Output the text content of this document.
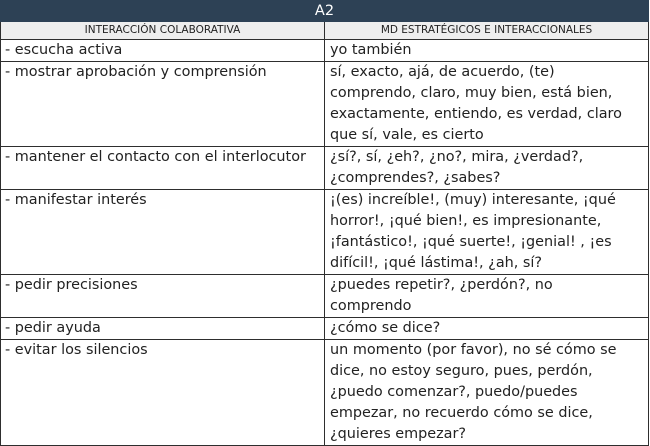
A2	
INTERACCIÓN COLABORATIVA	MD ESTRATÉGICOS E INTERACCIONALES
- escucha activa	yo también

- mostrar aprobación y comprensión	sí, exacto, ajá, de acuerdo, (te)
comprendo, claro, muy bien, está bien,
exactamente, entiendo, es verdad, claro
que sí, vale, es cierto

- mantener el contacto con el interlocutor	¿sí?, sí, ¿eh?, ¿no?, mira, ¿verdad?,
¿comprendes?, ¿sabes?

- manifestar interés	¡(es) increíble!, (muy) interesante, ¡qué
horror!, ¡qué bien!, es impresionante,
¡fantástico!, ¡qué suerte!, ¡genial! , ¡es
difícil!, ¡qué lástima!, ¿ah, sí?

- pedir precisiones	¿puedes repetir?, ¿perdón?, no
comprendo

- pedir ayuda	¿cómo se dice?

- evitar los silencios	un momento (por favor), no sé cómo se
dice, no estoy seguro, pues, perdón,
¿puedo comenzar?, puedo/puedes
empezar, no recuerdo cómo se dice,
¿quieres empezar?
